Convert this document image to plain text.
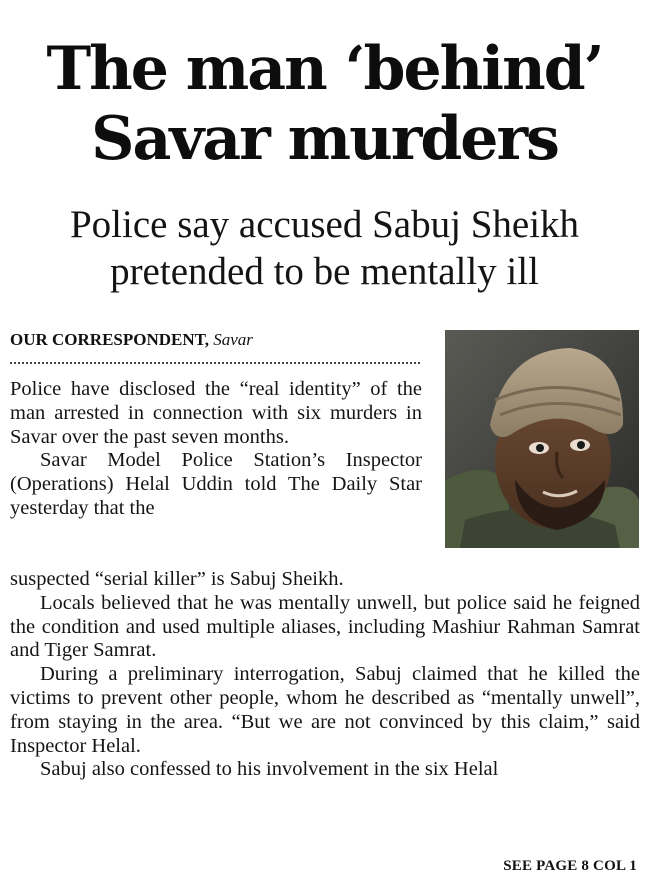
The man ‘behind’
Savar murders
Police say accused Sabuj Sheikh
pretended to be mentally ill
OUR CORRESPONDENT, Savar

Police have disclosed the “real identity” of the man arrested in connection with six murders in Savar over the past seven months.

Savar Model Police Station’s Inspector (Operations) Helal Uddin told The Daily Star yesterday that the

suspected “serial killer” is Sabuj Sheikh.

Locals believed that he was mentally unwell, but police said he feigned the condition and used multiple aliases, including Mashiur Rahman Samrat and Tiger Samrat.

During a preliminary interrogation, Sabuj claimed that he killed the victims to prevent other people, whom he described as “mentally unwell”, from staying in the area. “But we are not convinced by this claim,” said Inspector Helal.

Sabuj also confessed to his involvement in the six Helal

SEE PAGE 8 COL 1
